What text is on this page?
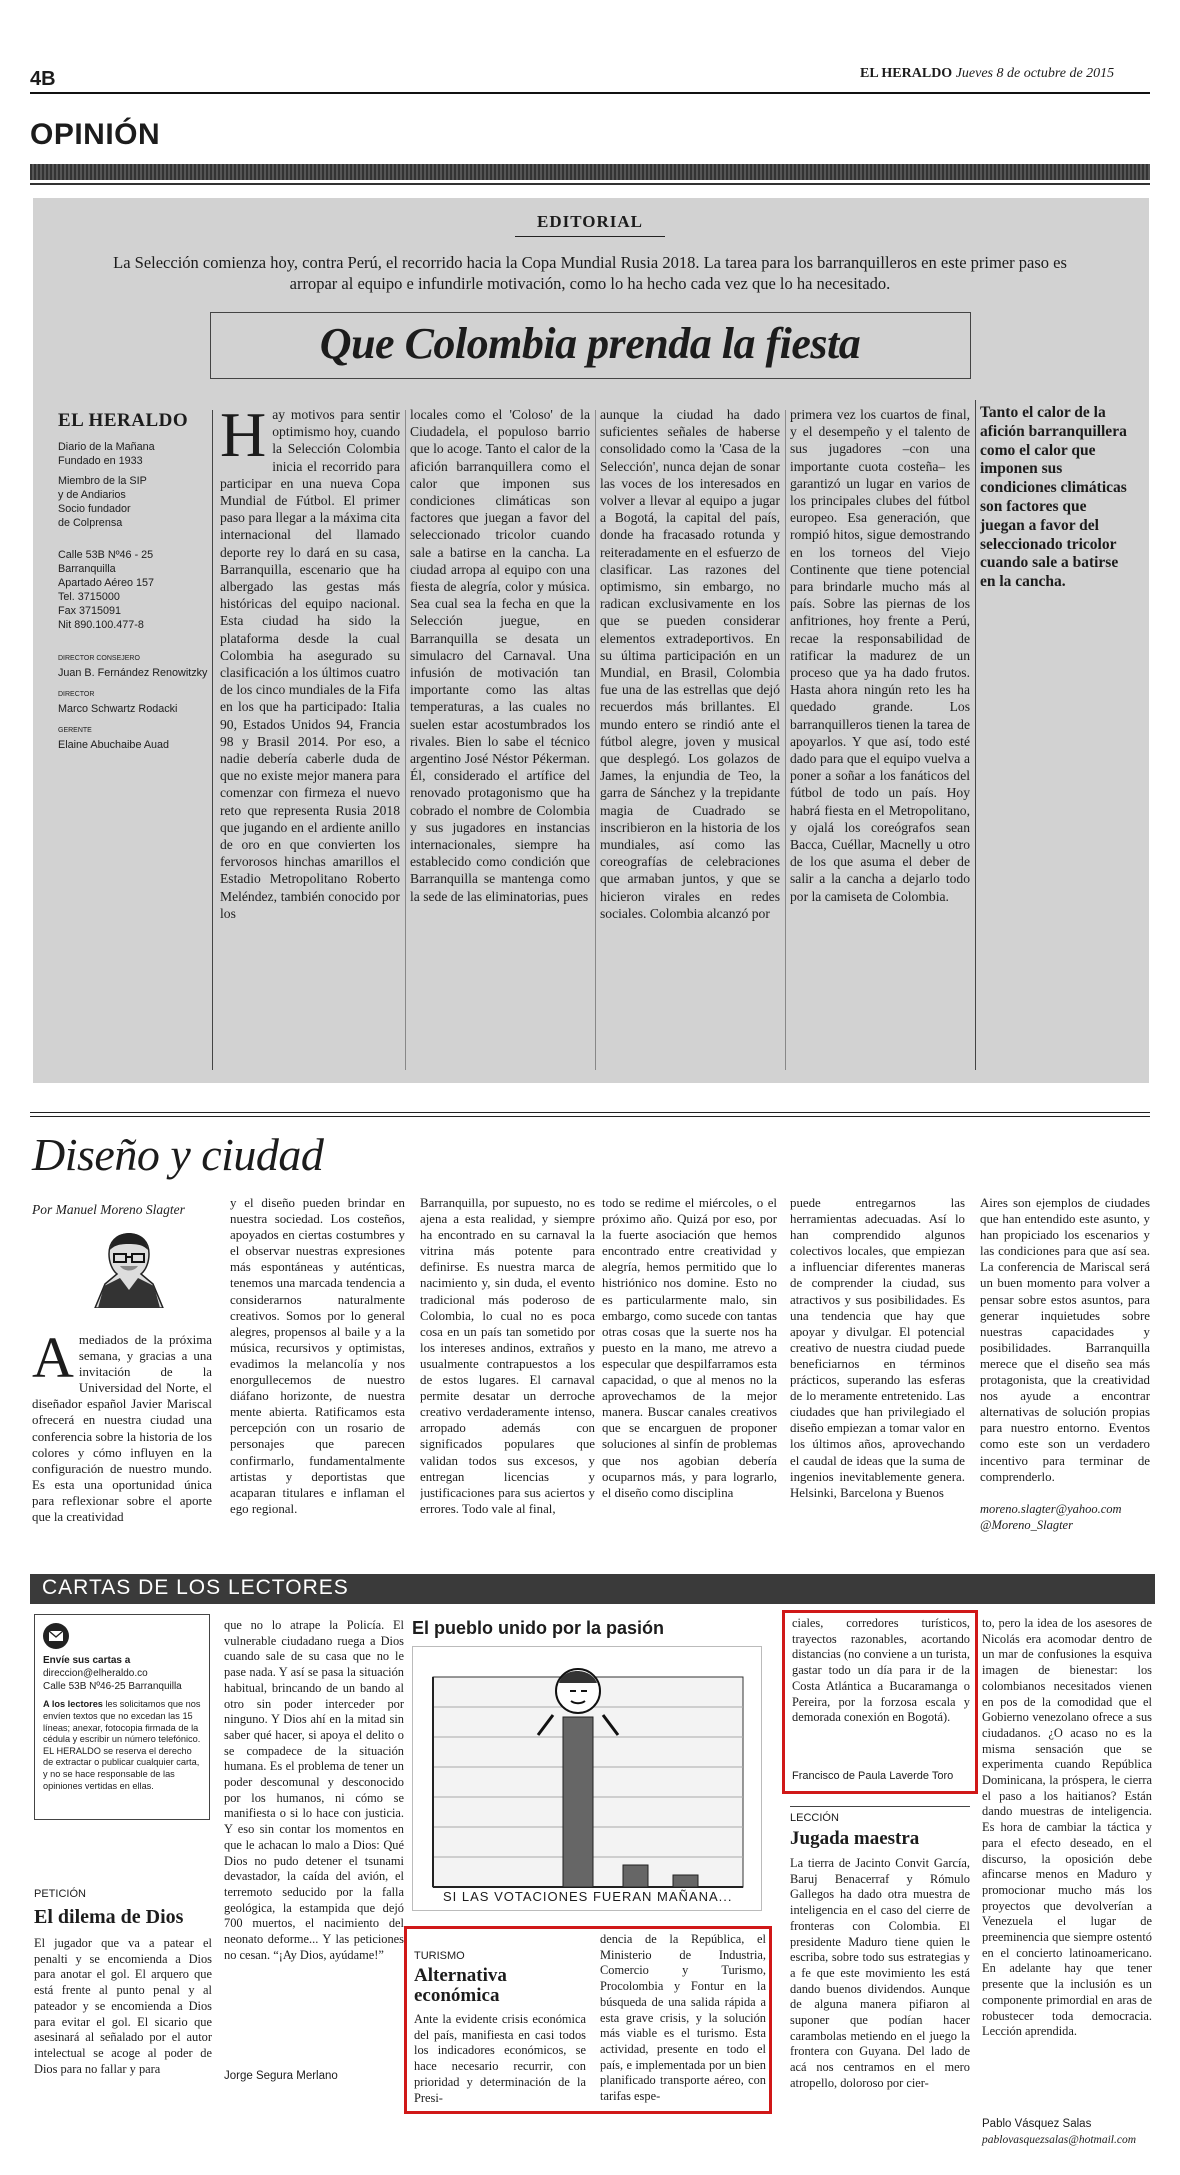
4B	EL HERALDO Jueves 8 de octubre de 2015
OPINIÓN
EDITORIAL
La Selección comienza hoy, contra Perú, el recorrido hacia la Copa Mundial Rusia 2018. La tarea para los barranquilleros en este primer paso es arropar al equipo e infundirle motivación, como lo ha hecho cada vez que lo ha necesitado.
Que Colombia prenda la fiesta
EL HERALDO
Diario de la Mañana
Fundado en 1933
Miembro de la SIP
y de Andiarios
Socio fundador
de Colprensa
Calle 53B Nº46 - 25
Barranquilla
Apartado Aéreo 157
Tel. 3715000
Fax 3715091
Nit 890.100.477-8
DIRECTOR CONSEJERO
Juan B. Fernández Renowitzky
DIRECTOR
Marco Schwartz Rodacki
GERENTE
Elaine Abuchaibe Auad

Hay motivos para sentir optimismo hoy, cuando la Selección Colombia inicia el recorrido para participar en una nueva Copa Mundial de Fútbol. El primer paso para llegar a la máxima cita internacional del llamado deporte rey lo dará en su casa, Barranquilla, escenario que ha albergado las gestas más históricas del equipo nacional. Esta ciudad ha sido la plataforma desde la cual Colombia ha asegurado su clasificación a los últimos cuatro de los cinco mundiales de la Fifa en los que ha participado: Italia 90, Estados Unidos 94, Francia 98 y Brasil 2014. Por eso, a nadie debería caberle duda de que no existe mejor manera para comenzar con firmeza el nuevo reto que representa Rusia 2018 que jugando en el ardiente anillo de oro en que convierten los fervorosos hinchas amarillos el Estadio Metropolitano Roberto Meléndez, también conocido por los

locales como el 'Coloso' de la Ciudadela, el populoso barrio que lo acoge. Tanto el calor de la afición barranquillera como el calor que imponen sus condiciones climáticas son factores que juegan a favor del seleccionado tricolor cuando sale a batirse en la cancha. La ciudad arropa al equipo con una fiesta de alegría, color y música. Sea cual sea la fecha en que la Selección juegue, en Barranquilla se desata un simulacro del Carnaval. Una infusión de motivación tan importante como las altas temperaturas, a las cuales no suelen estar acostumbrados los rivales. Bien lo sabe el técnico argentino José Néstor Pékerman. Él, considerado el artífice del renovado protagonismo que ha cobrado el nombre de Colombia y sus jugadores en instancias internacionales, siempre ha establecido como condición que Barranquilla se mantenga como la sede de las eliminatorias, pues

aunque la ciudad ha dado suficientes señales de haberse consolidado como la 'Casa de la Selección', nunca dejan de sonar las voces de los interesados en volver a llevar al equipo a jugar a Bogotá, la capital del país, donde ha fracasado rotunda y reiteradamente en el esfuerzo de clasificar. Las razones del optimismo, sin embargo, no radican exclusivamente en los que se pueden considerar elementos extradeportivos. En su última participación en un Mundial, en Brasil, Colombia fue una de las estrellas que dejó recuerdos más brillantes. El mundo entero se rindió ante el fútbol alegre, joven y musical que desplegó. Los golazos de James, la enjundia de Teo, la garra de Sánchez y la trepidante magia de Cuadrado se inscribieron en la historia de los mundiales, así como las coreografías de celebraciones que armaban juntos, y que se hicieron virales en redes sociales. Colombia alcanzó por

primera vez los cuartos de final, y el desempeño y el talento de sus jugadores –con una importante cuota costeña– les garantizó un lugar en varios de los principales clubes del fútbol europeo. Esa generación, que rompió hitos, sigue demostrando en los torneos del Viejo Continente que tiene potencial para brindarle mucho más al país. Sobre las piernas de los anfitriones, hoy frente a Perú, recae la responsabilidad de ratificar la madurez de un proceso que ya ha dado frutos. Hasta ahora ningún reto les ha quedado grande. Los barranquilleros tienen la tarea de apoyarlos. Y que así, todo esté dado para que el equipo vuelva a poner a soñar a los fanáticos del fútbol de todo un país. Hoy habrá fiesta en el Metropolitano, y ojalá los coreógrafos sean Bacca, Cuéllar, Macnelly u otro de los que asuma el deber de salir a la cancha a dejarlo todo por la camiseta de Colombia.

Tanto el calor de la afición barranquillera como el calor que imponen sus condiciones climáticas son factores que juegan a favor del seleccionado tricolor cuando sale a batirse en la cancha.
Diseño y ciudad
Por Manuel Moreno Slagter

Amediados de la próxima semana, y gracias a una invitación de la Universidad del Norte, el diseñador español Javier Mariscal ofrecerá en nuestra ciudad una conferencia sobre la historia de los colores y cómo influyen en la configuración de nuestro mundo. Es esta una oportunidad única para reflexionar sobre el aporte que la creatividad

y el diseño pueden brindar en nuestra sociedad. Los costeños, apoyados en ciertas costumbres y el observar nuestras expresiones más espontáneas y auténticas, tenemos una marcada tendencia a considerarnos naturalmente creativos. Somos por lo general alegres, propensos al baile y a la música, recursivos y optimistas, evadimos la melancolía y nos enorgullecemos de nuestro diáfano horizonte, de nuestra mente abierta. Ratificamos esta percepción con un rosario de personajes que parecen confirmarlo, fundamentalmente artistas y deportistas que acaparan titulares e inflaman el ego regional.

Barranquilla, por supuesto, no es ajena a esta realidad, y siempre ha encontrado en su carnaval la vitrina más potente para definirse. Es nuestra marca de nacimiento y, sin duda, el evento tradicional más poderoso de Colombia, lo cual no es poca cosa en un país tan sometido por los intereses andinos, extraños y usualmente contrapuestos a los de estos lugares. El carnaval permite desatar un derroche creativo verdaderamente intenso, arropado además con significados populares que validan todos sus excesos, y entregan licencias y justificaciones para sus aciertos y errores. Todo vale al final,

todo se redime el miércoles, o el próximo año. Quizá por eso, por la fuerte asociación que hemos encontrado entre creatividad y alegría, hemos permitido que lo histriónico nos domine. Esto no es particularmente malo, sin embargo, como sucede con tantas otras cosas que la suerte nos ha puesto en la mano, me atrevo a especular que despilfarramos esta capacidad, o que al menos no la aprovechamos de la mejor manera. Buscar canales creativos que se encarguen de proponer soluciones al sinfín de problemas que nos agobian debería ocuparnos más, y para lograrlo, el diseño como disciplina

puede entregarnos las herramientas adecuadas. Así lo han comprendido algunos colectivos locales, que empiezan a influenciar diferentes maneras de comprender la ciudad, sus atractivos y sus posibilidades. Es una tendencia que hay que apoyar y divulgar. El potencial creativo de nuestra ciudad puede beneficiarnos en términos prácticos, superando las esferas de lo meramente entretenido. Las ciudades que han privilegiado el diseño empiezan a tomar valor en los últimos años, aprovechando el caudal de ideas que la suma de ingenios inevitablemente genera. Helsinki, Barcelona y Buenos

Aires son ejemplos de ciudades que han entendido este asunto, y han propiciado los escenarios y las condiciones para que así sea. La conferencia de Mariscal será un buen momento para volver a pensar sobre estos asuntos, para generar inquietudes sobre nuestras capacidades y posibilidades. Barranquilla merece que el diseño sea más protagonista, que la creatividad nos ayude a encontrar alternativas de solución propias para nuestro entorno. Eventos como este son un verdadero incentivo para terminar de comprenderlo.

moreno.slagter@yahoo.com
@Moreno_Slagter
CARTAS DE LOS LECTORES
Envíe sus cartas a
direccion@elheraldo.co
Calle 53B Nº46-25 Barranquilla
A los lectores les solicitamos que nos envíen textos que no excedan las 15 líneas; anexar, fotocopia firmada de la cédula y escribir un número telefónico. EL HERALDO se reserva el derecho de extractar o publicar cualquier carta, y no se hace responsable de las opiniones vertidas en ellas.
PETICIÓN
El dilema de Dios

El jugador que va a patear el penalti y se encomienda a Dios para anotar el gol. El arquero que está frente al punto penal y al pateador y se encomienda a Dios para evitar el gol. El sicario que asesinará al señalado por el autor intelectual se acoge al poder de Dios para no fallar y para

que no lo atrape la Policía. El vulnerable ciudadano ruega a Dios cuando sale de su casa que no le pase nada. Y así se pasa la situación habitual, brincando de un bando al otro sin poder interceder por ninguno. Y Dios ahí en la mitad sin saber qué hacer, si apoya el delito o se compadece de la situación humana. Es el problema de tener un poder descomunal y desconocido por los humanos, ni cómo se manifiesta o si lo hace con justicia. Y eso sin contar los momentos en que le achacan lo malo a Dios: Qué Dios no pudo detener el tsunami devastador, la caída del avión, el terremoto seducido por la falla geológica, la estampida que dejó 700 muertos, el nacimiento del neonato deforme... Y las peticiones no cesan. “¡Ay Dios, ayúdame!”

Jorge Segura Merlano
El pueblo unido por la pasión
SI LAS VOTACIONES FUERAN MAÑANA...
TURISMO
Alternativa económica

Ante la evidente crisis económica del país, manifiesta en casi todos los indicadores económicos, se hace necesario recurrir, con prioridad y determinación de la Presi-

dencia de la República, el Ministerio de Industria, Comercio y Turismo, Procolombia y Fontur en la búsqueda de una salida rápida a esta grave crisis, y la solución más viable es el turismo. Esta actividad, presente en todo el país, e implementada por un bien planificado transporte aéreo, con tarifas espe-

ciales, corredores turísticos, trayectos razonables, acortando distancias (no conviene a un turista, gastar todo un día para ir de la Costa Atlántica a Bucaramanga o Pereira, por la forzosa escala y demorada conexión en Bogotá).

Francisco de Paula Laverde Toro
LECCIÓN
Jugada maestra

La tierra de Jacinto Convit García, Baruj Benacerraf y Rómulo Gallegos ha dado otra muestra de inteligencia en el caso del cierre de fronteras con Colombia. El presidente Maduro tiene quien le escriba, sobre todo sus estrategias y a fe que este movimiento les está dando buenos dividendos. Aunque de alguna manera pifiaron al suponer que podían hacer carambolas metiendo en el juego la frontera con Guyana. Del lado de acá nos centramos en el mero atropello, doloroso por cier-

to, pero la idea de los asesores de Nicolás era acomodar dentro de un mar de confusiones la esquiva imagen de bienestar: los colombianos necesitados vienen en pos de la comodidad que el Gobierno venezolano ofrece a sus ciudadanos. ¿O acaso no es la misma sensación que se experimenta cuando República Dominicana, la próspera, le cierra el paso a los haitianos? Están dando muestras de inteligencia. Es hora de cambiar la táctica y para el efecto deseado, en el discurso, la oposición debe afincarse menos en Maduro y promocionar mucho más los proyectos que devolverían a Venezuela el lugar de preeminencia que siempre ostentó en el concierto latinoamericano. En adelante hay que tener presente que la inclusión es un componente primordial en aras de robustecer toda democracia. Lección aprendida.

Pablo Vásquez Salas
pablovasquezsalas@hotmail.com
